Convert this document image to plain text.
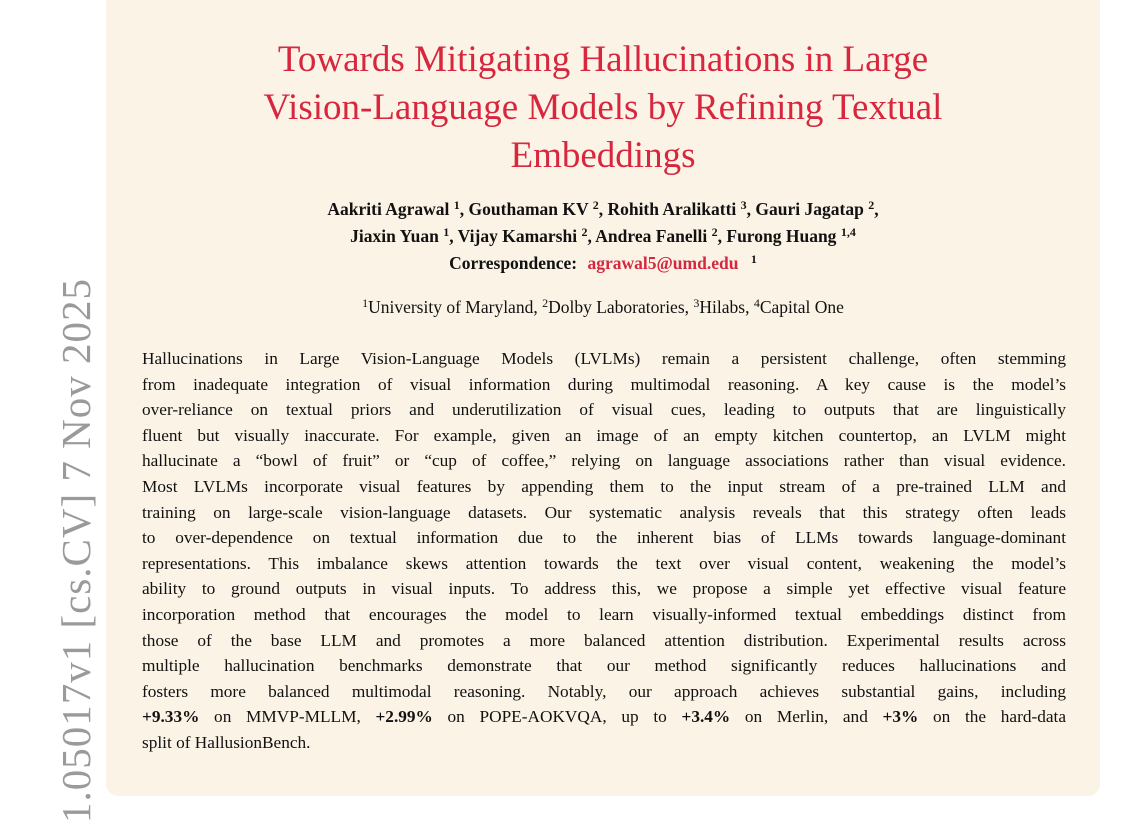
1.05017v1 [cs.CV] 7 Nov 2025
Towards Mitigating Hallucinations in Large
Vision-Language Models by Refining Textual
Embeddings
Aakriti Agrawal $^1$, Gouthaman KV $^2$, Rohith Aralikatti $^3$, Gauri Jagatap $^2$,
Jiaxin Yuan $^1$, Vijay Kamarshi $^2$, Andrea Fanelli $^2$, Furong Huang $^{1,4}$
Correspondence: agrawal5@umd.edu $^1$
$^1$University of Maryland, $^2$Dolby Laboratories, $^3$Hilabs, $^4$Capital One
Hallucinations in Large Vision-Language Models (LVLMs) remain a persistent challenge, often stemming
from inadequate integration of visual information during multimodal reasoning. A key cause is the model’s
over-reliance on textual priors and underutilization of visual cues, leading to outputs that are linguistically
fluent but visually inaccurate. For example, given an image of an empty kitchen countertop, an LVLM might
hallucinate a “bowl of fruit” or “cup of coffee,” relying on language associations rather than visual evidence.
Most LVLMs incorporate visual features by appending them to the input stream of a pre-trained LLM and
training on large-scale vision-language datasets. Our systematic analysis reveals that this strategy often leads
to over-dependence on textual information due to the inherent bias of LLMs towards language-dominant
representations. This imbalance skews attention towards the text over visual content, weakening the model’s
ability to ground outputs in visual inputs. To address this, we propose a simple yet effective visual feature
incorporation method that encourages the model to learn visually-informed textual embeddings distinct from
those of the base LLM and promotes a more balanced attention distribution. Experimental results across
multiple hallucination benchmarks demonstrate that our method significantly reduces hallucinations and
fosters more balanced multimodal reasoning. Notably, our approach achieves substantial gains, including
+9.33% on MMVP-MLLM, +2.99% on POPE-AOKVQA, up to +3.4% on Merlin, and +3% on the hard-data
split of HallusionBench.
